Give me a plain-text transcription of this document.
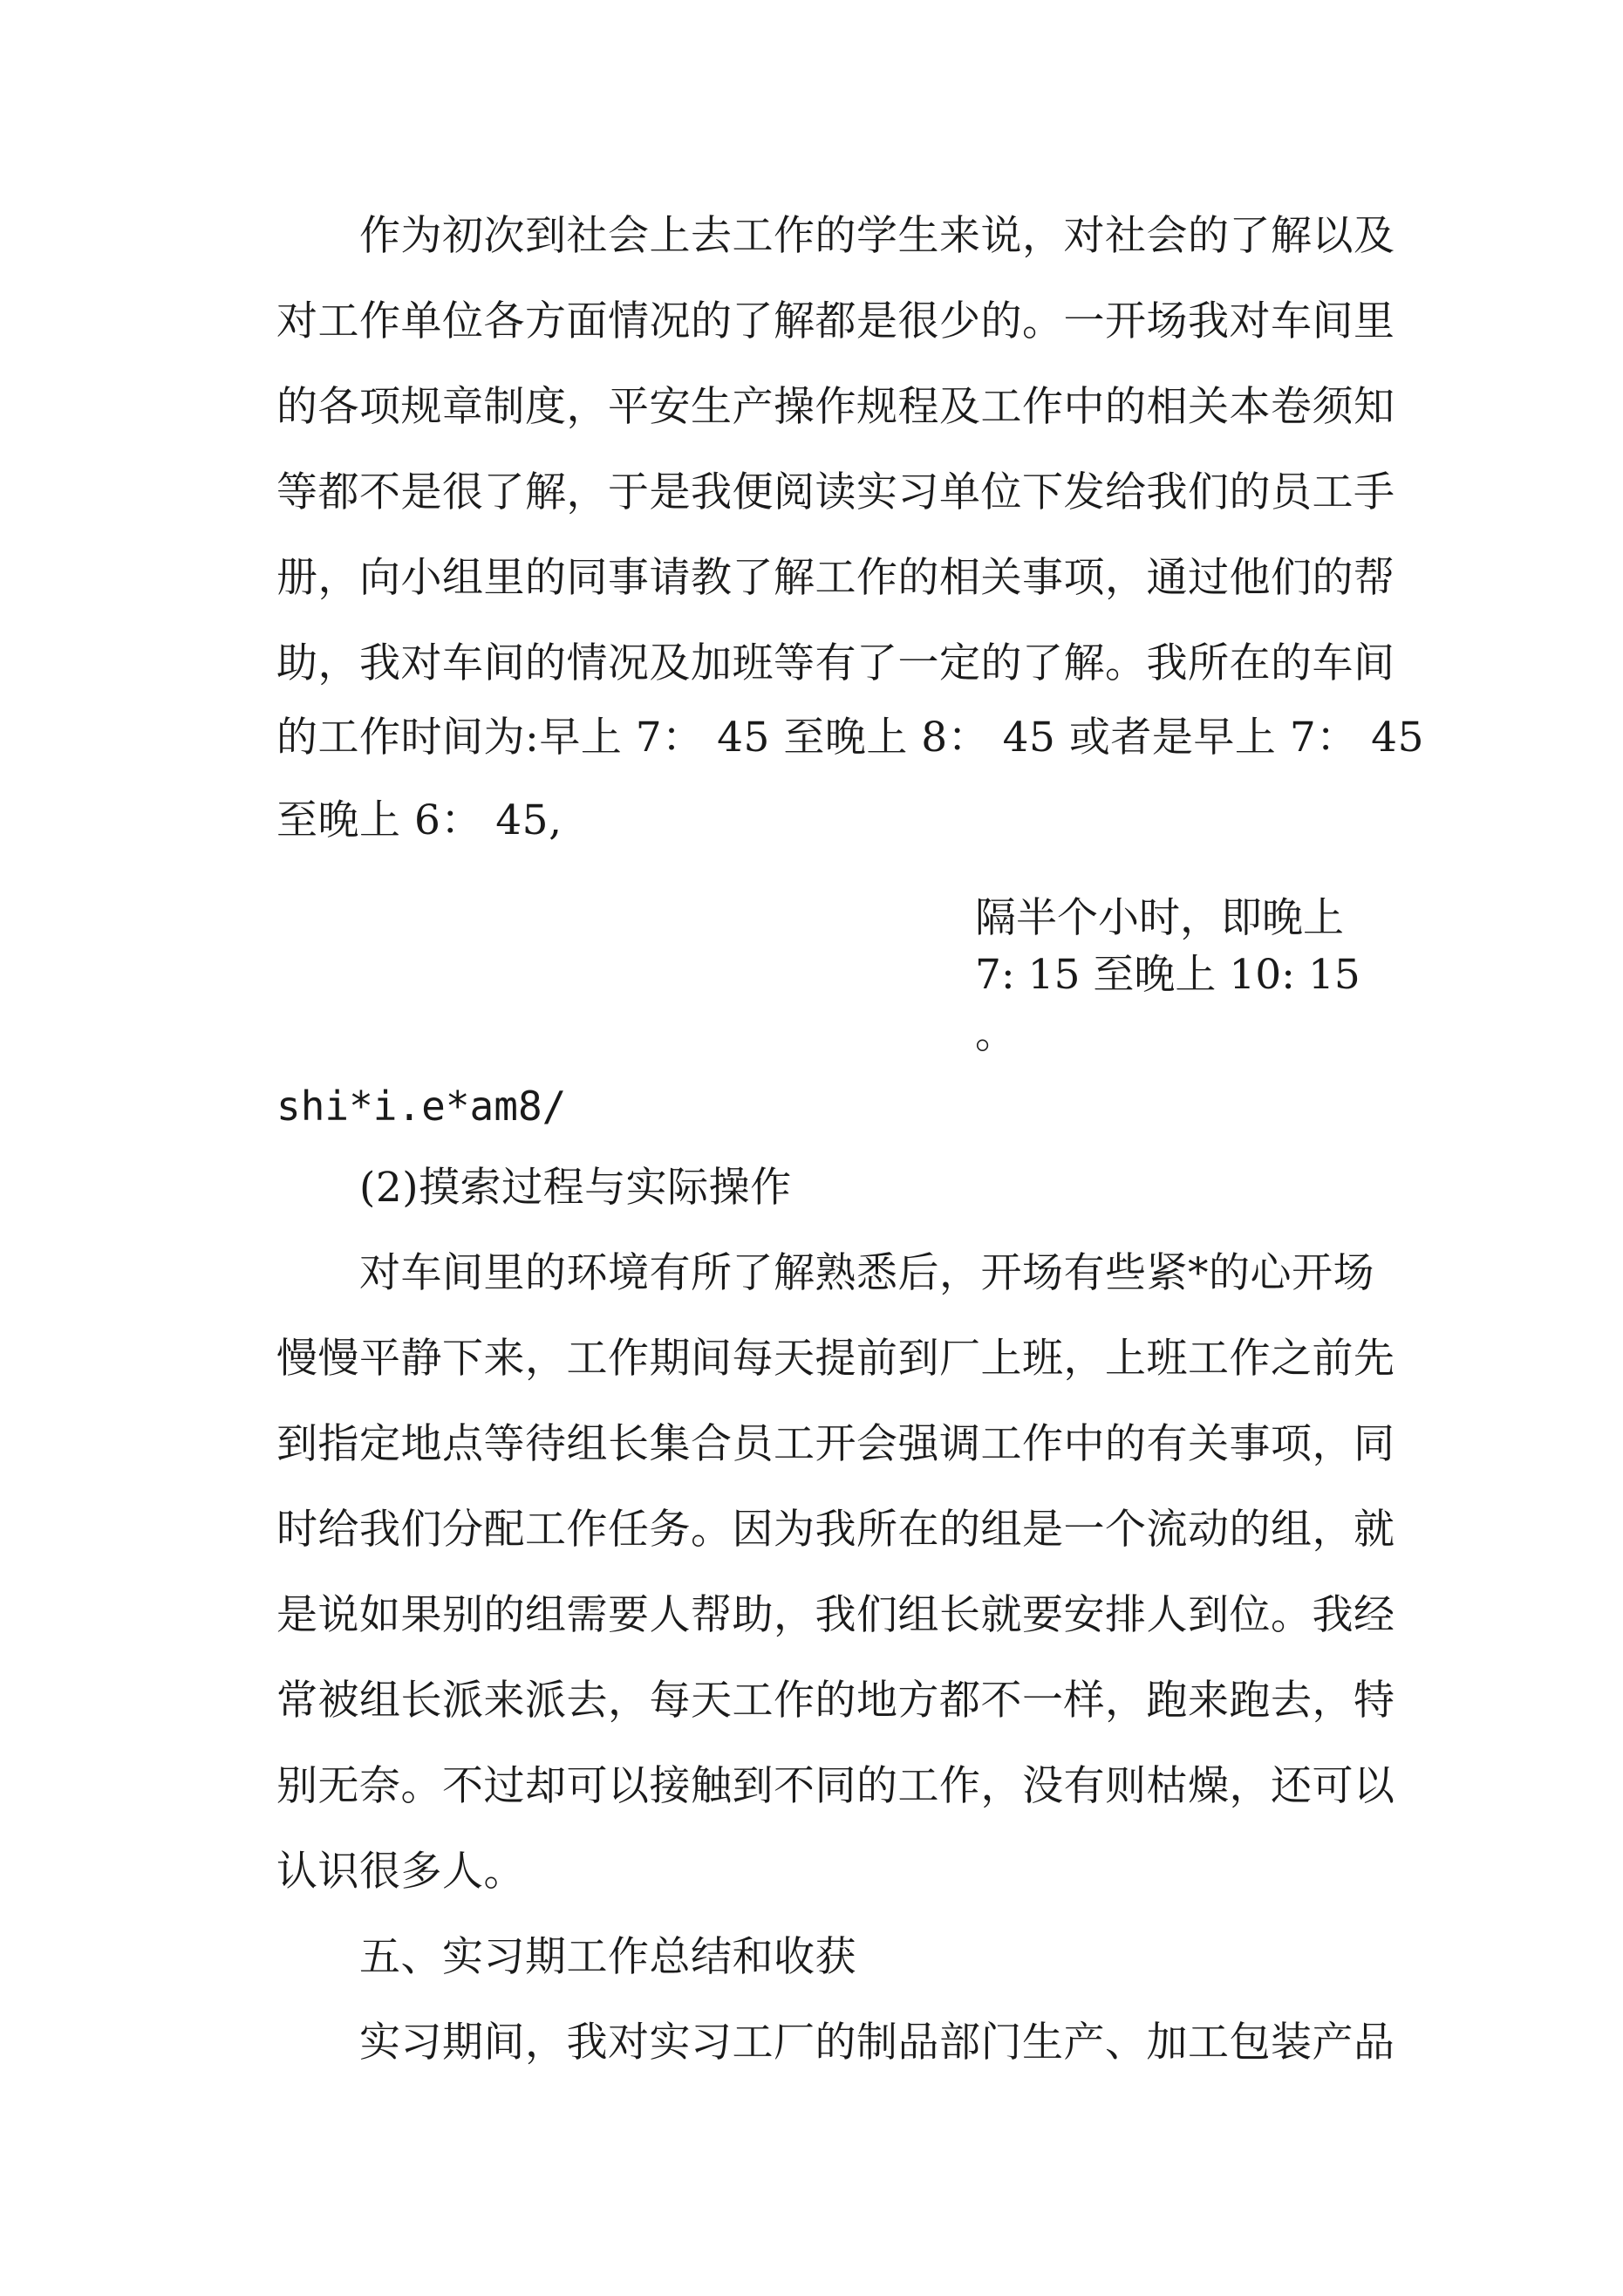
作为初次到社会上去工作的学生来说，对社会的了解以及
对工作单位各方面情况的了解都是很少的。一开场我对车间里
的各项规章制度，平安生产操作规程及工作中的相关本卷须知
等都不是很了解，于是我便阅读实习单位下发给我们的员工手
册，向小组里的同事请教了解工作的相关事项，通过他们的帮
助，我对车间的情况及加班等有了一定的了解。我所在的车间
的工作时间为:早上 7： 45 至晚上 8： 45 或者是早上 7： 45
至晚上 6： 45,
隔半个小时，即晚上
7: 15 至晚上 10: 15
。
shi*i.e*am8/
(2)摸索过程与实际操作
对车间里的环境有所了解熟悉后，开场有些紧*的心开场
慢慢平静下来，工作期间每天提前到厂上班，上班工作之前先
到指定地点等待组长集合员工开会强调工作中的有关事项，同
时给我们分配工作任务。因为我所在的组是一个流动的组，就
是说如果别的组需要人帮助，我们组长就要安排人到位。我经
常被组长派来派去，每天工作的地方都不一样，跑来跑去，特
别无奈。不过却可以接触到不同的工作，没有则枯燥，还可以
认识很多人。
五、实习期工作总结和收获
实习期间，我对实习工厂的制品部门生产、加工包装产品
